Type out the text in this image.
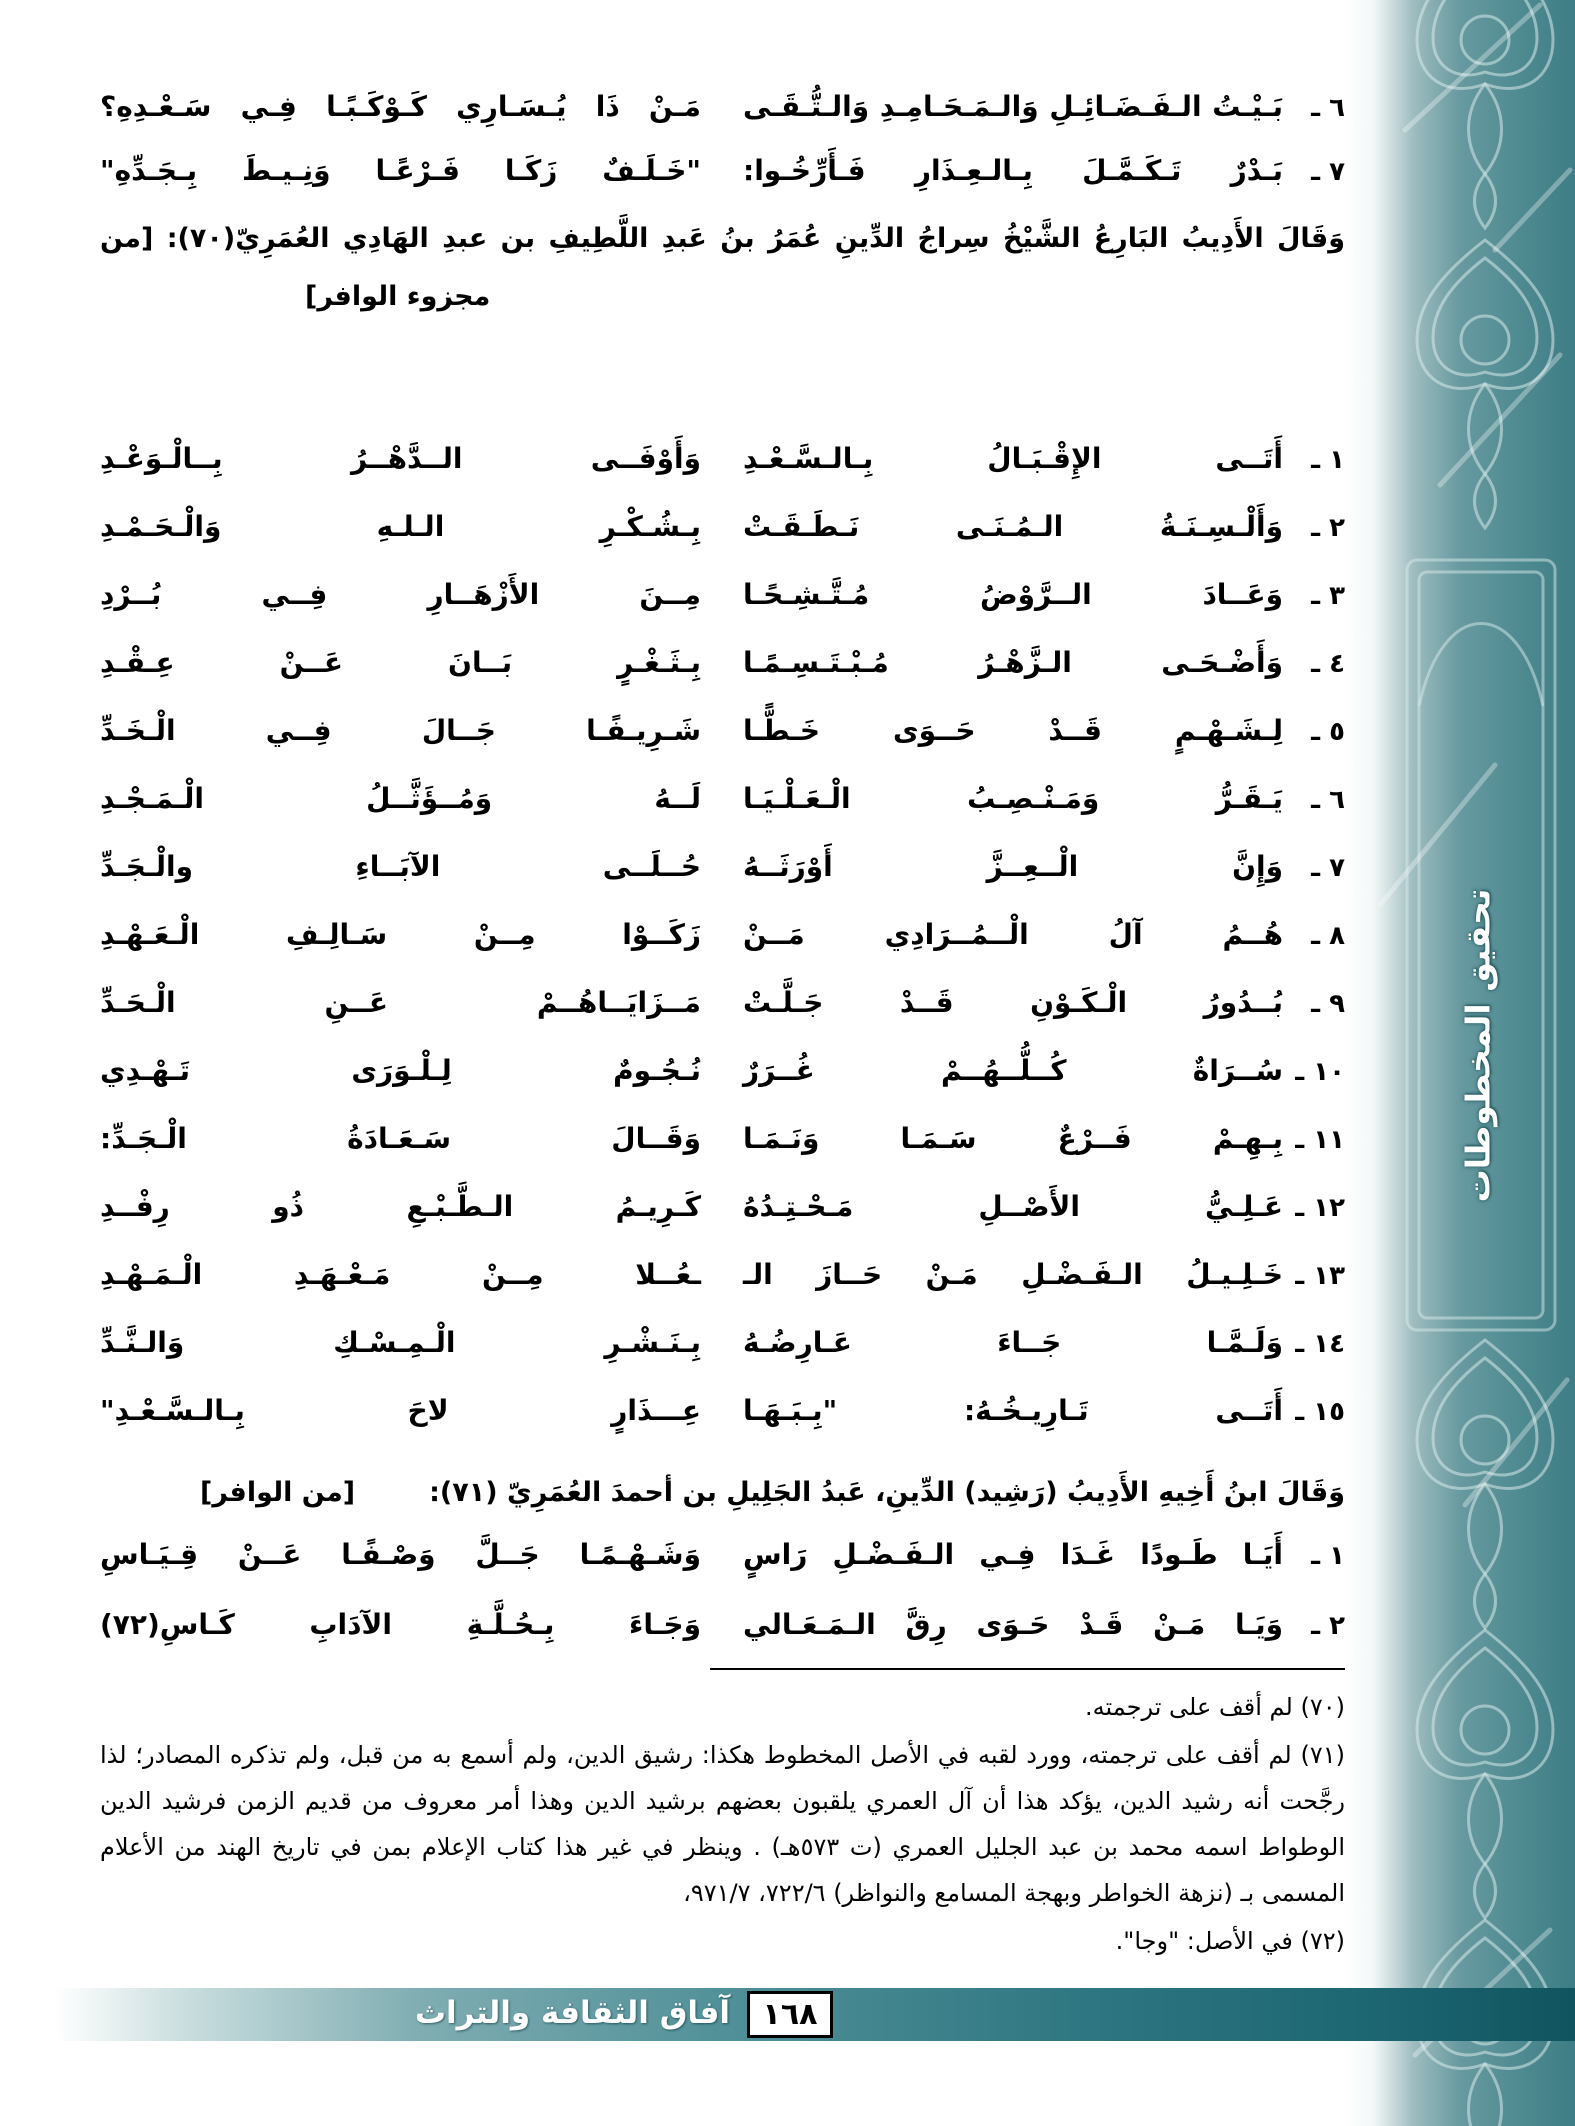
تحقيق المخطوطات
٦ ـ
بَـيْـتُ الـفَـضَـائِـلِ وَالـمَـحَـامِـدِ وَالـتُّـقَـى
مَـنْ ذَا يُـسَـارِي كَـوْكَـبًـا فِـي سَـعْـدِهِ؟
٧ ـ
بَـدْرٌ تَـكَـمَّـلَ بِـالـعِـذَارِ فَـأَرِّخُـوا:
"خَـلَـفٌ زَكَـا فَـرْعًـا وَنِـيـطَ بِـجَـدِّهِ"
وَقَالَ الأَدِيبُ البَارِعُ الشَّيْخُ سِراجُ الدِّينِ عُمَرُ بنُ عَبدِ اللَّطِيفِ بن عبدِ الهَادِي العُمَرِيّ(٧٠): [من
مجزوء الوافر]
١ ـ
أَتَــى الإِقْـبَـالُ بِـالـسَّـعْـدِ
وَأَوْفَــى الــدَّهْــرُ بِــالْـوَعْـدِ
٢ ـ
وَأَلْـسِـنَـةُ الـمُـنَـى نَـطَـقَـتْ
بِـشُـكْـرِ الـلـهِ وَالْـحَـمْـدِ
٣ ـ
وَعَــادَ الــرَّوْضُ مُـتَّـشِـحًـا
مِــنَ الأَزْهَــارِ فِــي بُــرْدِ
٤ ـ
وَأَضْـحَـى الـزَّهْـرُ مُـبْـتَـسِـمًـا
بِـثَـغْـرٍ بَــانَ عَــنْ عِـقْـدِ
٥ ـ
لِـشَـهْـمٍ قَــدْ حَــوَى خَـطًّـا
شَـرِيـفًـا جَــالَ فِــي الْـخَـدِّ
٦ ـ
يَـقَـرُّ وَمَـنْـصِـبُ الْـعَـلْـيَـا
لَــهُ وَمُــؤَثَّــلُ الْـمَـجْـدِ
٧ ـ
وَإِنَّ الْــعِــزَّ أَوْرَثَــهُ
حُــلَــى الآبَــاءِ والْـجَـدِّ
٨ ـ
هُــمُ آلُ الْــمُــرَادِي مَــنْ
زَكَــوْا مِــنْ سَـالِـفِ الْـعَـهْـدِ
٩ ـ
بُــدُورُ الْـكَـوْنِ قَــدْ جَـلَّـتْ
مَــزَايَــاهُــمْ عَــنِ الْـحَـدِّ
١٠ ـ
سُــرَاةٌ كُــلُّــهُــمْ غُــرَرٌ
نُـجُـومٌ لِـلْـوَرَى تَـهْـدِي
١١ ـ
بِـهِـمْ فَــرْعٌ سَـمَـا وَنَـمَـا
وَقَــالَ سَـعَـادَةُ الْـجَـدِّ:
١٢ ـ
عَـلِـيُّ الأَصْــلِ مَـحْـتِـدُهُ
كَـرِيـمُ الـطَّـبْـعِ ذُو رِفْــدِ
١٣ ـ
خَـلِـيـلُ الـفَـضْـلِ مَـنْ حَــازَ الـ
ـعُــلا مِــنْ مَـعْـهَـدِ الْـمَـهْـدِ
١٤ ـ
وَلَـمَّـا جَــاءَ عَـارِضُـهُ
بِـنَـشْـرِ الْـمِـسْـكِ وَالـنَّـدِّ
١٥ ـ
أَتَــى تَـارِيـخُـهُ: "بِـبَـهَـا
عِـــذَارٍ لاحَ بِـالـسَّـعْـدِ"
وَقَالَ ابنُ أَخِيهِ الأَدِيبُ (رَشِيد) الدِّينِ، عَبدُ الجَلِيلِ بن أحمدَ العُمَرِيّ (٧١):
[من الوافر]
١ ـ
أَيَـا طَـودًا غَـدَا فِـي الـفَـضْـلِ رَاسٍ
وَشَـهْـمًـا جَــلَّ وَصْـفًـا عَــنْ قِـيَـاسِ
٢ ـ
وَيَـا مَـنْ قَـدْ حَـوَى رِقَّ الـمَـعَـالي
وَجَـاءَ بِـحُـلَّـةِ الآدَابِ كَـاسِ(٧٢)

(٧٠) لم أقف على ترجمته.

(٧١) لم أقف على ترجمته، وورد لقبه في الأصل المخطوط هكذا: رشيق الدين، ولم أسمع به من قبل، ولم تذكره المصادر؛ لذا رجَّحت أنه رشيد الدين، يؤكد هذا أن آل العمري يلقبون بعضهم برشيد الدين وهذا أمر معروف من قديم الزمن فرشيد الدين الوطواط اسمه محمد بن عبد الجليل العمري (ت ٥٧٣هـ) . وينظر في غير هذا كتاب الإعلام بمن في تاريخ الهند من الأعلام المسمى بـ (نزهة الخواطر وبهجة المسامع والنواظر) ٧٢٢/٦، ٩٧١/٧،

(٧٢) في الأصل: "وجا".

آفاق الثقافة والتراث	١٦٨
